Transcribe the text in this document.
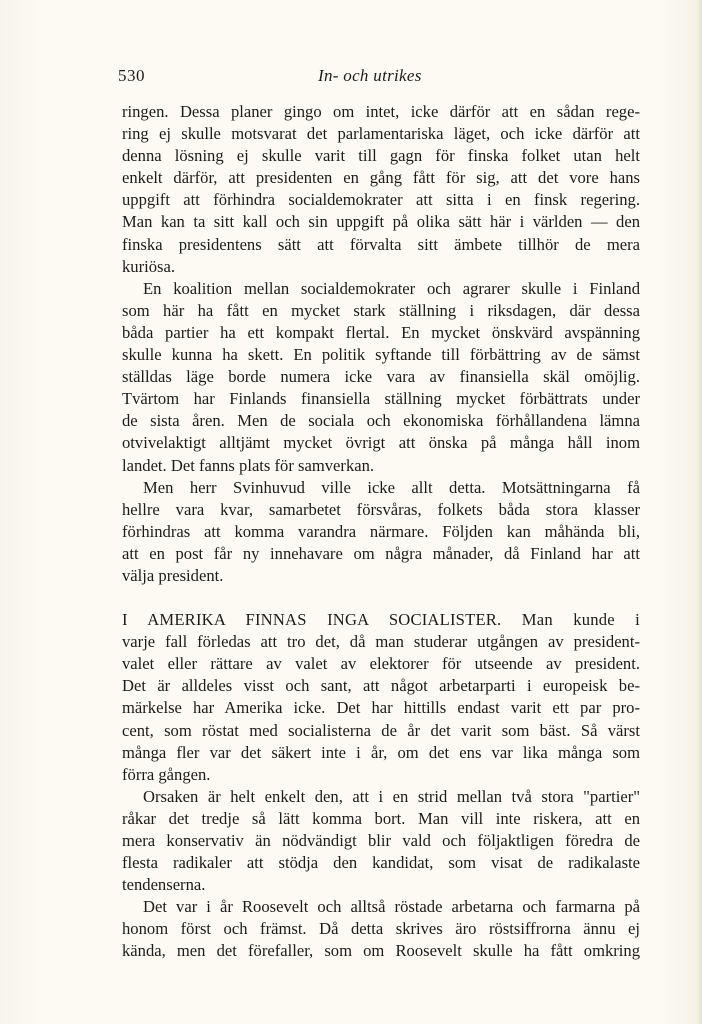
530	In- och utrikes
ringen. Dessa planer gingo om intet, icke därför att en sådan rege-
ring ej skulle motsvarat det parlamentariska läget, och icke därför att
denna lösning ej skulle varit till gagn för finska folket utan helt
enkelt därför, att presidenten en gång fått för sig, att det vore hans
uppgift att förhindra socialdemokrater att sitta i en finsk regering.
Man kan ta sitt kall och sin uppgift på olika sätt här i världen — den
finska presidentens sätt att förvalta sitt ämbete tillhör de mera
kuriösa.
En koalition mellan socialdemokrater och agrarer skulle i Finland
som här ha fått en mycket stark ställning i riksdagen, där dessa
båda partier ha ett kompakt flertal. En mycket önskvärd avspänning
skulle kunna ha skett. En politik syftande till förbättring av de sämst
ställdas läge borde numera icke vara av finansiella skäl omöjlig.
Tvärtom har Finlands finansiella ställning mycket förbättrats under
de sista åren. Men de sociala och ekonomiska förhållandena lämna
otvivelaktigt alltjämt mycket övrigt att önska på många håll inom
landet. Det fanns plats för samverkan.
Men herr Svinhuvud ville icke allt detta. Motsättningarna få
hellre vara kvar, samarbetet försvåras, folkets båda stora klasser
förhindras att komma varandra närmare. Följden kan måhända bli,
att en post får ny innehavare om några månader, då Finland har att
välja president.
I AMERIKA FINNAS INGA SOCIALISTER. Man kunde i
varje fall förledas att tro det, då man studerar utgången av president-
valet eller rättare av valet av elektorer för utseende av president.
Det är alldeles visst och sant, att något arbetarparti i europeisk be-
märkelse har Amerika icke. Det har hittills endast varit ett par pro-
cent, som röstat med socialisterna de år det varit som bäst. Så värst
många fler var det säkert inte i år, om det ens var lika många som
förra gången.
Orsaken är helt enkelt den, att i en strid mellan två stora "partier"
råkar det tredje så lätt komma bort. Man vill inte riskera, att en
mera konservativ än nödvändigt blir vald och följaktligen föredra de
flesta radikaler att stödja den kandidat, som visat de radikalaste
tendenserna.
Det var i år Roosevelt och alltså röstade arbetarna och farmarna på
honom först och främst. Då detta skrives äro röstsiffrorna ännu ej
kända, men det förefaller, som om Roosevelt skulle ha fått omkring
